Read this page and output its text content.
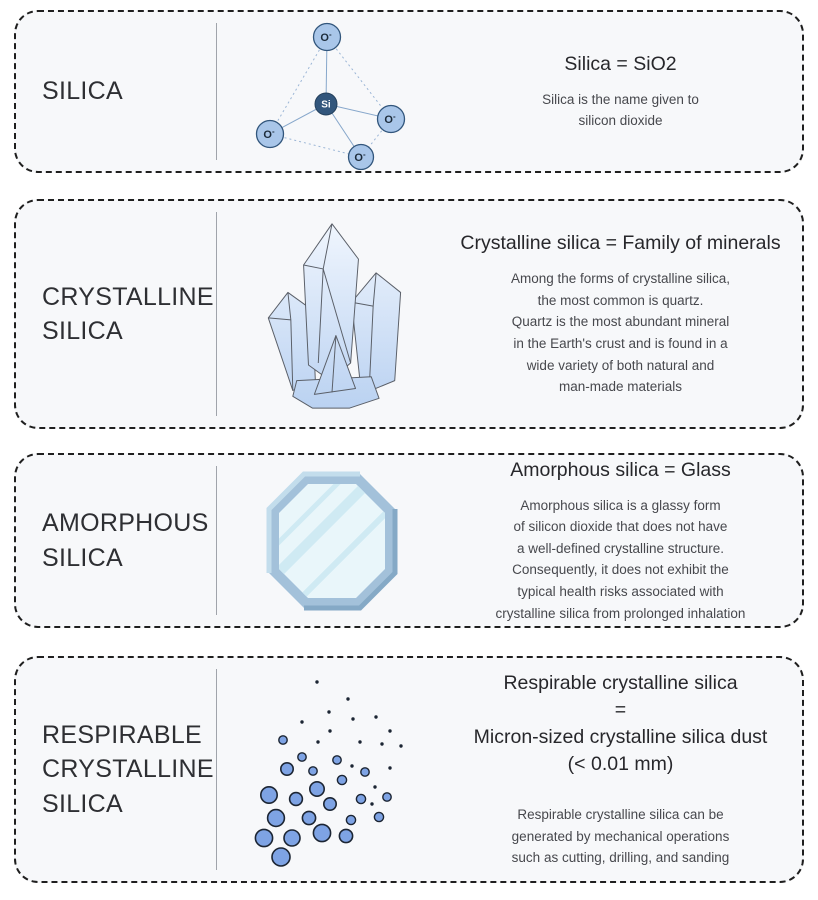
SILICA
O-
O-
O-
O-
Si
Silica = SiO2
Silica is the name given to
silicon dioxide
CRYSTALLINE
SILICA
Crystalline silica = Family of minerals
Among the forms of crystalline silica,
the most common is quartz.
Quartz is the most abundant mineral
in the Earth's crust and is found in a
wide variety of both natural and
man-made materials
AMORPHOUS
SILICA
Amorphous silica = Glass
Amorphous silica is a glassy form
of silicon dioxide that does not have
a well-defined crystalline structure.
Consequently, it does not exhibit the
typical health risks associated with
crystalline silica from prolonged inhalation
RESPIRABLE
CRYSTALLINE
SILICA
Respirable crystalline silica
=
Micron-sized crystalline silica dust
(< 0.01 mm)
Respirable crystalline silica can be
generated by mechanical operations
such as cutting, drilling, and sanding
